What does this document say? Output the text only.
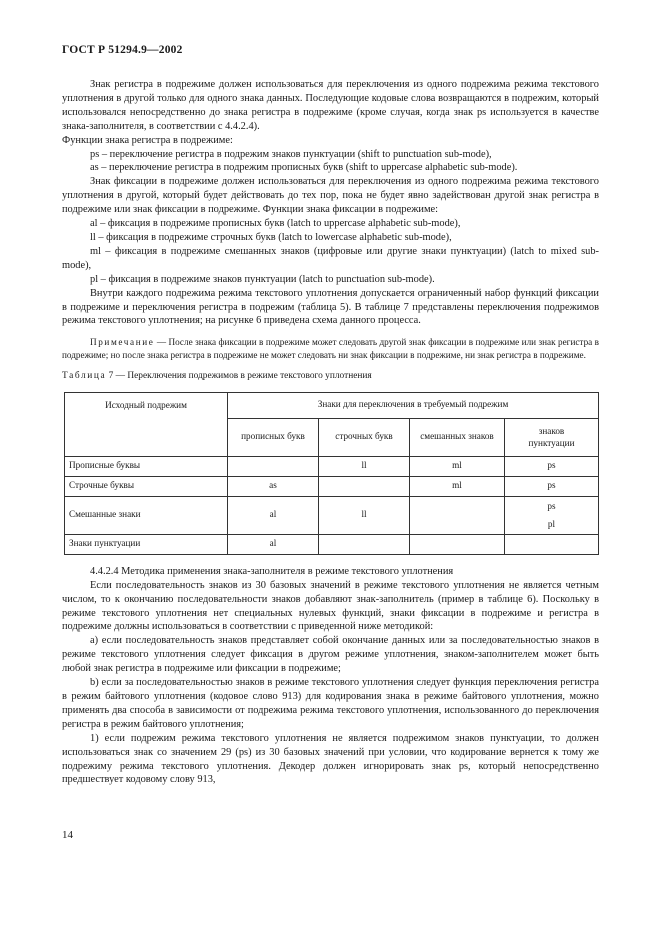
ГОСТ Р 51294.9—2002

Знак регистра в подрежиме должен использоваться для переключения из одного подрежима режима текстового уплотнения в другой только для одного знака данных. Последующие кодовые слова возвращаются в подрежим, который использовался непосредственно до знака регистра в подрежиме (кроме случая, когда знак ps используется в качестве знака-заполнителя, в соответствии с 4.4.2.4).

Функции знака регистра в подрежиме:

ps – переключение регистра в подрежим знаков пунктуации (shift to punctuation sub-mode),

as – переключение регистра в подрежим прописных букв (shift to uppercase alphabetic sub-mode).

Знак фиксации в подрежиме должен использоваться для переключения из одного подрежима режима текстового уплотнения в другой, который будет действовать до тех пор, пока не будет явно задействован другой знак регистра в подрежиме или знак фиксации в подрежиме. Функции знака фиксации в подрежиме:

al – фиксация в подрежиме прописных букв (latch to uppercase alphabetic sub-mode),

ll – фиксация в подрежиме строчных букв (latch to lowercase alphabetic sub-mode),

ml – фиксация в подрежиме смешанных знаков (цифровые или другие знаки пунктуации) (latch to mixed sub-mode),

pl – фиксация в подрежиме знаков пунктуации (latch to punctuation sub-mode).

Внутри каждого подрежима режима текстового уплотнения допускается ограниченный набор функций фиксации в подрежиме и переключения регистра в подрежим (таблица 5). В таблице 7 представлены переключения подрежимов режима текстового уплотнения; на рисунке 6 приведена схема данного процесса.

Примечание — После знака фиксации в подрежиме может следовать другой знак фиксации в подрежиме или знак регистра в подрежиме; но после знака регистра в подрежиме не может следовать ни знак фиксации в подрежиме, ни знак регистра в подрежиме.

Таблица 7 — Переключения подрежимов в режиме текстового уплотнения

Исходный подрежим	Знаки для переключения в требуемый подрежим			
	прописных букв	строчных букв	смешанных знаков	знаков
пунктуации
Прописные буквы		ll	ml	ps
Строчные буквы	as		ml	ps
Смешанные знаки	al	ll		ps
pl
Знаки пунктуации	al			

4.4.2.4 Методика применения знака-заполнителя в режиме текстового уплотнения

Если последовательность знаков из 30 базовых значений в режиме текстового уплотнения не является четным числом, то к окончанию последовательности знаков добавляют знак-заполнитель (пример в таблице 6). Поскольку в режиме текстового уплотнения нет специальных нулевых функций, знаки фиксации в подрежиме и регистра в подрежиме должны использоваться в соответствии с приведенной ниже методикой:

a) если последовательность знаков представляет собой окончание данных или за последовательностью знаков в режиме текстового уплотнения следует фиксация в другом режиме уплотнения, знаком-заполнителем может быть любой знак регистра в подрежиме или фиксации в подрежиме;

b) если за последовательностью знаков в режиме текстового уплотнения следует функция переключения регистра в режим байтового уплотнения (кодовое слово 913) для кодирования знака в режиме байтового уплотнения, можно применять два способа в зависимости от подрежима режима текстового уплотнения, использованного до переключения регистра в режим байтового уплотнения;

1) если подрежим режима текстового уплотнения не является подрежимом знаков пунктуации, то должен использоваться знак со значением 29 (ps) из 30 базовых значений при условии, что кодирование вернется к тому же подрежиму режима текстового уплотнения. Декодер должен игнорировать знак ps, который непосредственно предшествует кодовому слову 913,

14
